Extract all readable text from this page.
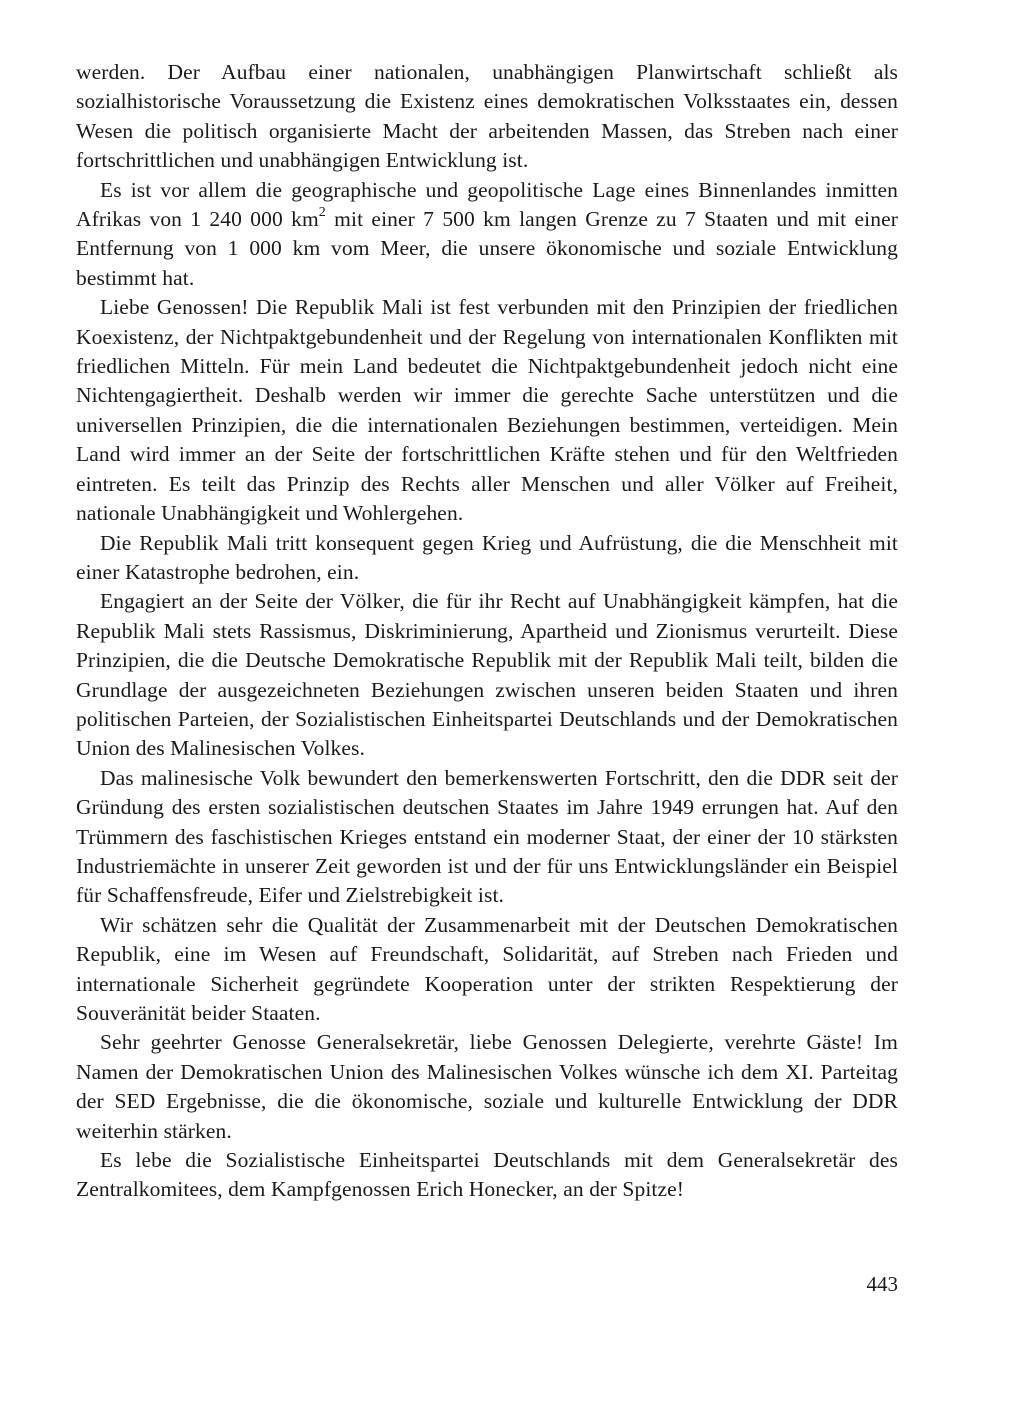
werden. Der Aufbau einer nationalen, unabhängigen Planwirtschaft schließt als sozialhistorische Voraussetzung die Existenz eines demokratischen Volksstaates ein, dessen Wesen die politisch organisierte Macht der arbeitenden Massen, das Streben nach einer fortschrittlichen und unabhängigen Entwicklung ist.

Es ist vor allem die geographische und geopolitische Lage eines Binnenlandes inmitten Afrikas von 1 240 000 $km^2$ mit einer 7 500 km langen Grenze zu 7 Staaten und mit einer Entfernung von 1 000 km vom Meer, die unsere ökonomische und soziale Entwicklung bestimmt hat.

Liebe Genossen! Die Republik Mali ist fest verbunden mit den Prinzipien der friedlichen Koexistenz, der Nichtpaktgebundenheit und der Regelung von internationalen Konflikten mit friedlichen Mitteln. Für mein Land bedeutet die Nichtpaktgebundenheit jedoch nicht eine Nichtengagiertheit. Deshalb werden wir immer die gerechte Sache unterstützen und die universellen Prinzipien, die die internationalen Beziehungen bestimmen, verteidigen. Mein Land wird immer an der Seite der fortschrittlichen Kräfte stehen und für den Weltfrieden eintreten. Es teilt das Prinzip des Rechts aller Menschen und aller Völker auf Freiheit, nationale Unabhängigkeit und Wohlergehen.

Die Republik Mali tritt konsequent gegen Krieg und Aufrüstung, die die Menschheit mit einer Katastrophe bedrohen, ein.

Engagiert an der Seite der Völker, die für ihr Recht auf Unabhängigkeit kämpfen, hat die Republik Mali stets Rassismus, Diskriminierung, Apartheid und Zionismus verurteilt. Diese Prinzipien, die die Deutsche Demokratische Republik mit der Republik Mali teilt, bilden die Grundlage der ausgezeichneten Beziehungen zwischen unseren beiden Staaten und ihren politischen Parteien, der Sozialistischen Einheitspartei Deutschlands und der Demokratischen Union des Malinesischen Volkes.

Das malinesische Volk bewundert den bemerkenswerten Fortschritt, den die DDR seit der Gründung des ersten sozialistischen deutschen Staates im Jahre 1949 errungen hat. Auf den Trümmern des faschistischen Krieges entstand ein moderner Staat, der einer der 10 stärksten Industriemächte in unserer Zeit geworden ist und der für uns Entwicklungsländer ein Beispiel für Schaffensfreude, Eifer und Zielstrebigkeit ist.

Wir schätzen sehr die Qualität der Zusammenarbeit mit der Deutschen Demokratischen Republik, eine im Wesen auf Freundschaft, Solidarität, auf Streben nach Frieden und internationale Sicherheit gegründete Kooperation unter der strikten Respektierung der Souveränität beider Staaten.

Sehr geehrter Genosse Generalsekretär, liebe Genossen Delegierte, verehrte Gäste! Im Namen der Demokratischen Union des Malinesischen Volkes wünsche ich dem XI. Parteitag der SED Ergebnisse, die die ökonomische, soziale und kulturelle Entwicklung der DDR weiterhin stärken.

Es lebe die Sozialistische Einheitspartei Deutschlands mit dem Generalsekretär des Zentralkomitees, dem Kampfgenossen Erich Honecker, an der Spitze!

443
